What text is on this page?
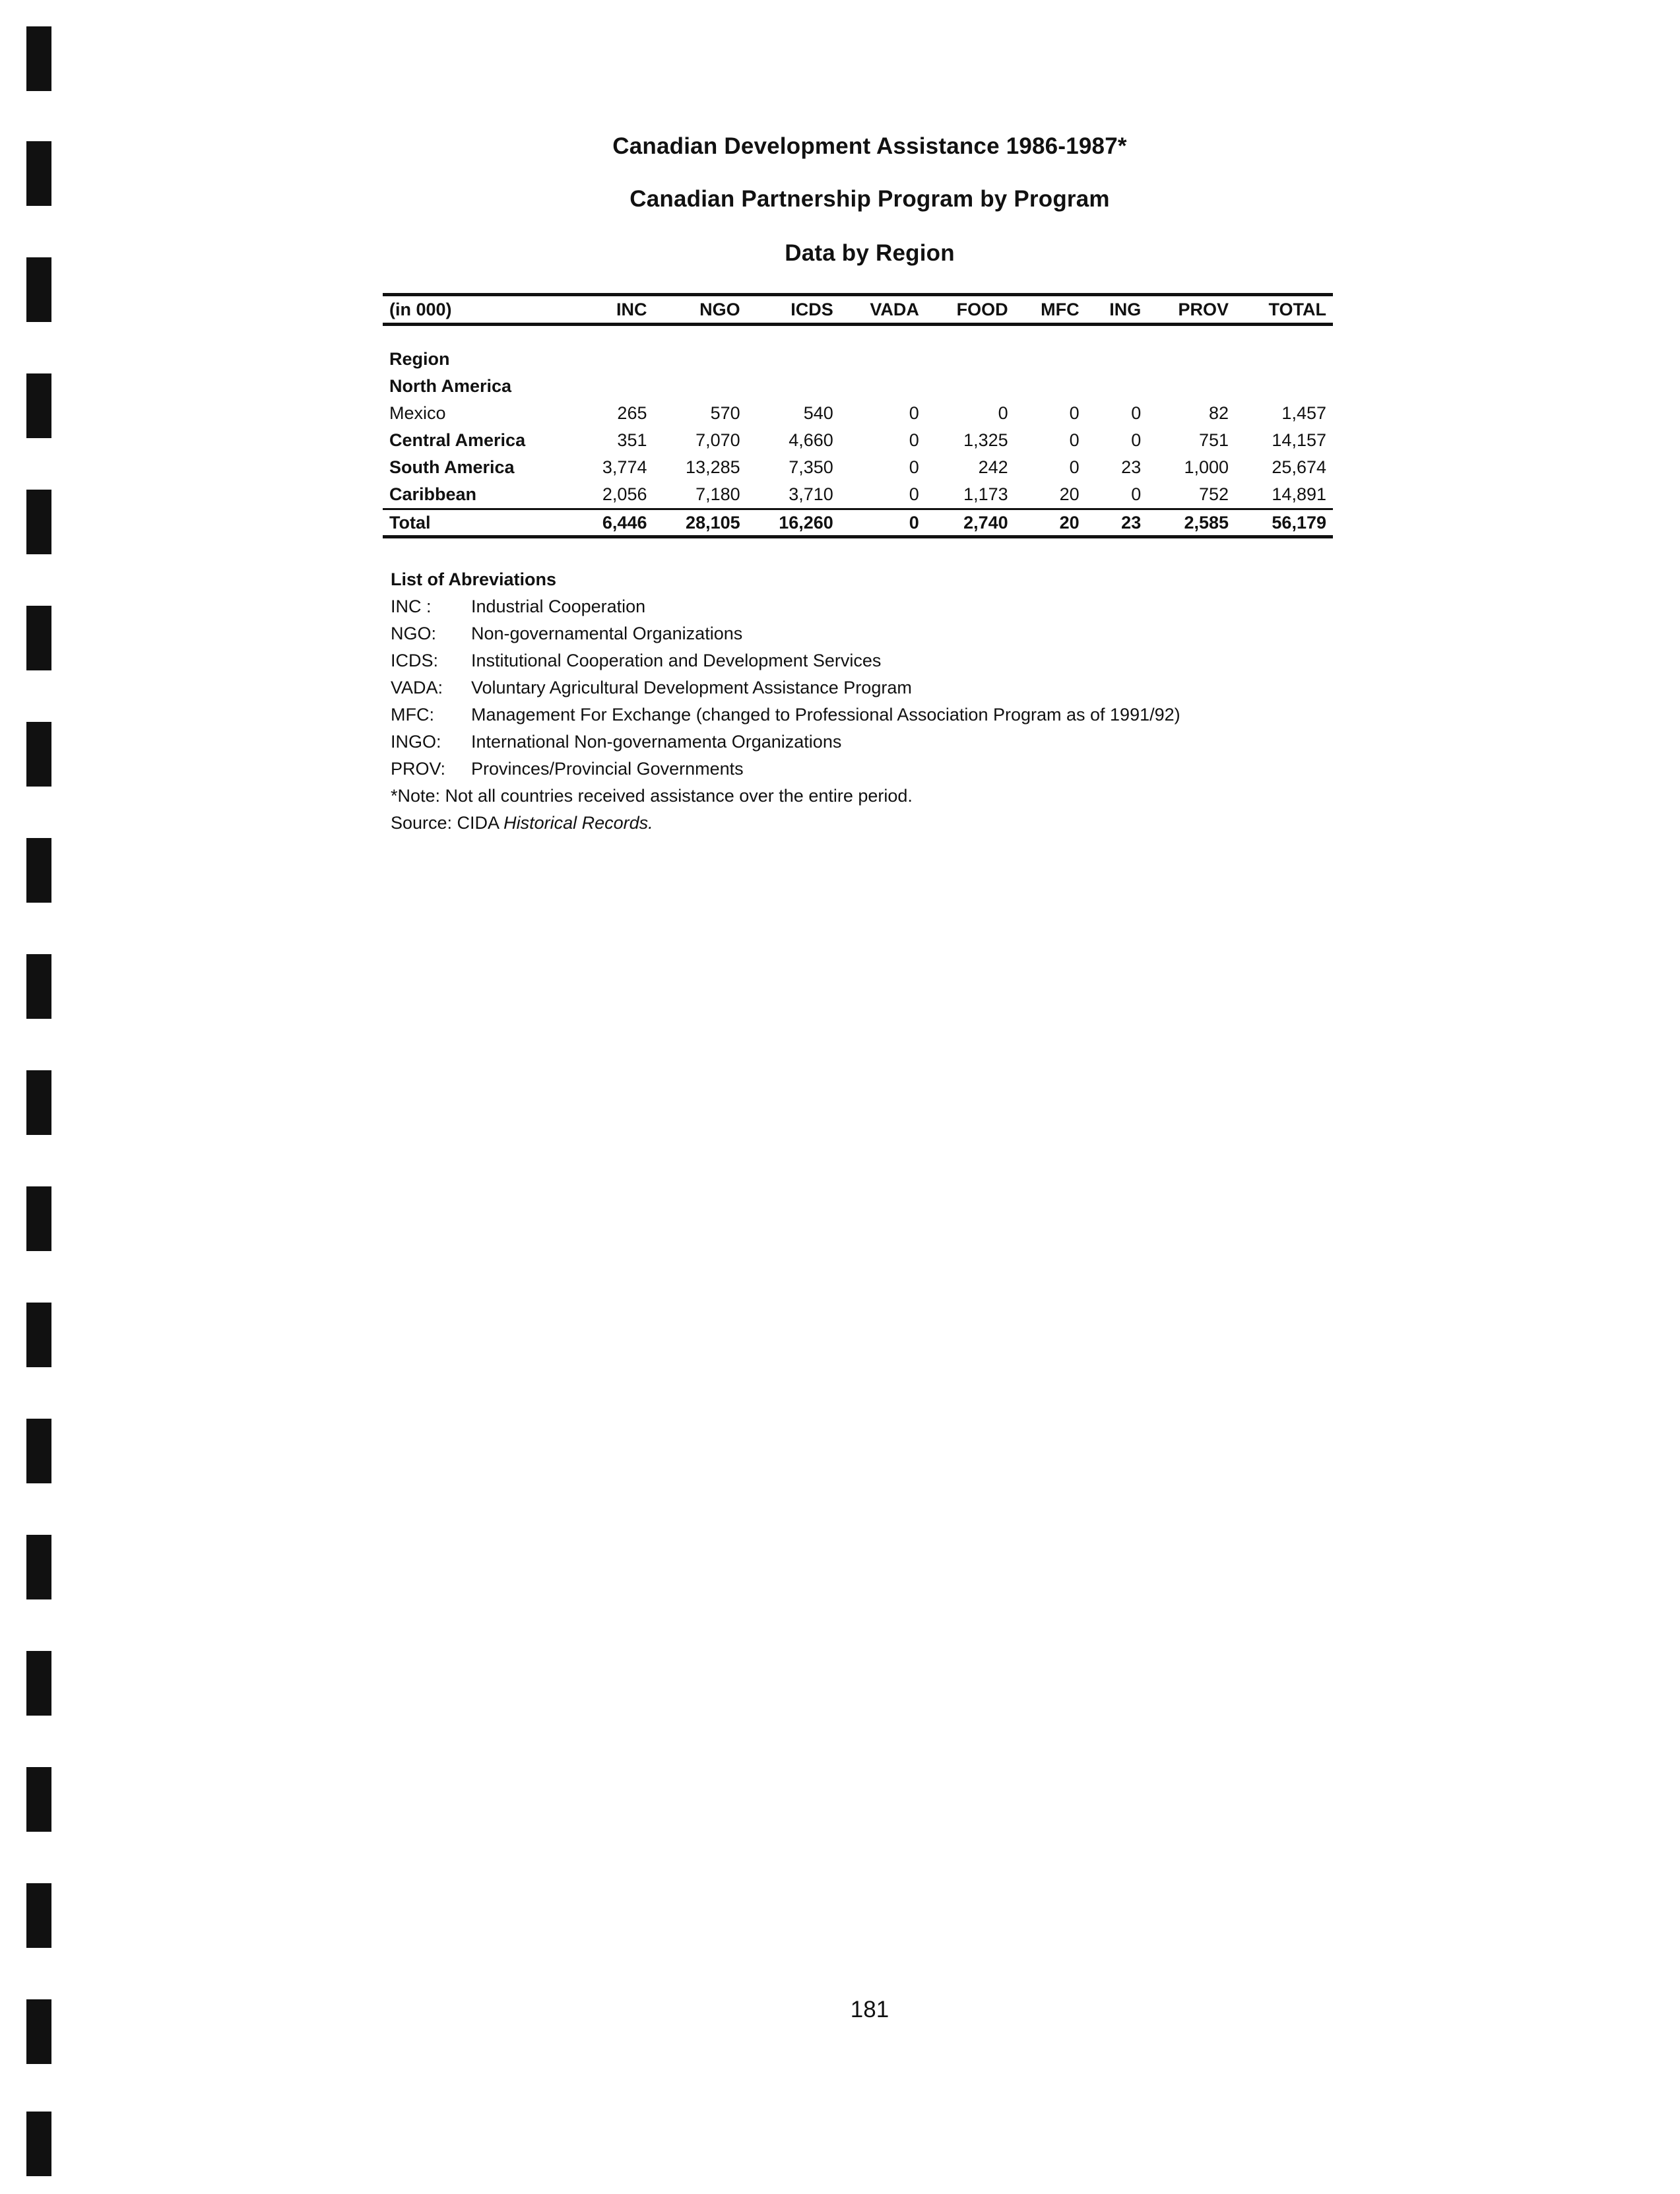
Canadian Development Assistance 1986-1987*
Canadian Partnership Program by Program
Data by Region
(in 000)	INC	NGO	ICDS	VADA	FOOD	MFC	ING	PROV	TOTAL

Region									
North America									
Mexico	265	570	540	0	0	0	0	82	1,457
Central America	351	7,070	4,660	0	1,325	0	0	751	14,157
South America	3,774	13,285	7,350	0	242	0	23	1,000	25,674
Caribbean	2,056	7,180	3,710	0	1,173	20	0	752	14,891
Total	6,446	28,105	16,260	0	2,740	20	23	2,585	56,179
List of Abreviations
INC :	Industrial Cooperation
NGO:	Non-governamental Organizations
ICDS:	Institutional Cooperation and Development Services
VADA:	Voluntary Agricultural Development Assistance Program
MFC:	Management For Exchange (changed to Professional Association Program as of 1991/92)
INGO:	International Non-governamenta Organizations
PROV:	Provinces/Provincial Governments
*Note: Not all countries received assistance over the entire period.
Source: CIDA Historical Records.
181
